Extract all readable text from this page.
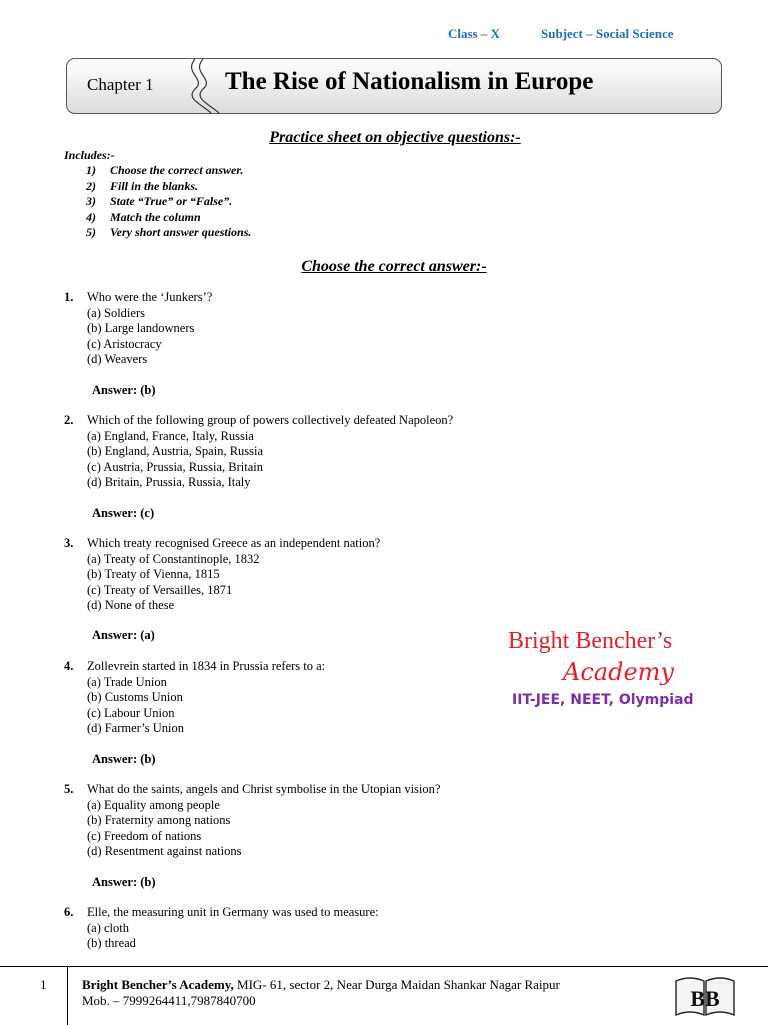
Class – X	Subject – Social Science
Chapter 1	The Rise of Nationalism in Europe
Practice sheet on objective questions:-
Includes:-
1) Choose the correct answer.
2) Fill in the blanks.
3) State “True” or “False”.
4) Match the column
5) Very short answer questions.
Choose the correct answer:-
1. Who were the ‘Junkers’?
(a) Soldiers
(b) Large landowners
(c) Aristocracy
(d) Weavers
Answer: (b)
2. Which of the following group of powers collectively defeated Napoleon?
(a) England, France, Italy, Russia
(b) England, Austria, Spain, Russia
(c) Austria, Prussia, Russia, Britain
(d) Britain, Prussia, Russia, Italy
Answer: (c)
3. Which treaty recognised Greece as an independent nation?
(a) Treaty of Constantinople, 1832
(b) Treaty of Vienna, 1815
(c) Treaty of Versailles, 1871
(d) None of these
Answer: (a)
4. Zollevrein started in 1834 in Prussia refers to a:
(a) Trade Union
(b) Customs Union
(c) Labour Union
(d) Farmer’s Union
Answer: (b)
5. What do the saints, angels and Christ symbolise in the Utopian vision?
(a) Equality among people
(b) Fraternity among nations
(c) Freedom of nations
(d) Resentment against nations
Answer: (b)
6. Elle, the measuring unit in Germany was used to measure:
(a) cloth
(b) thread
Bright Bencher’s
Academy
IIT-JEE, NEET, Olympiad
1	Bright Bencher’s Academy, MIG- 61, sector 2, Near Durga Maidan Shankar Nagar Raipur
Mob. – 7999264411,7987840700	BB
